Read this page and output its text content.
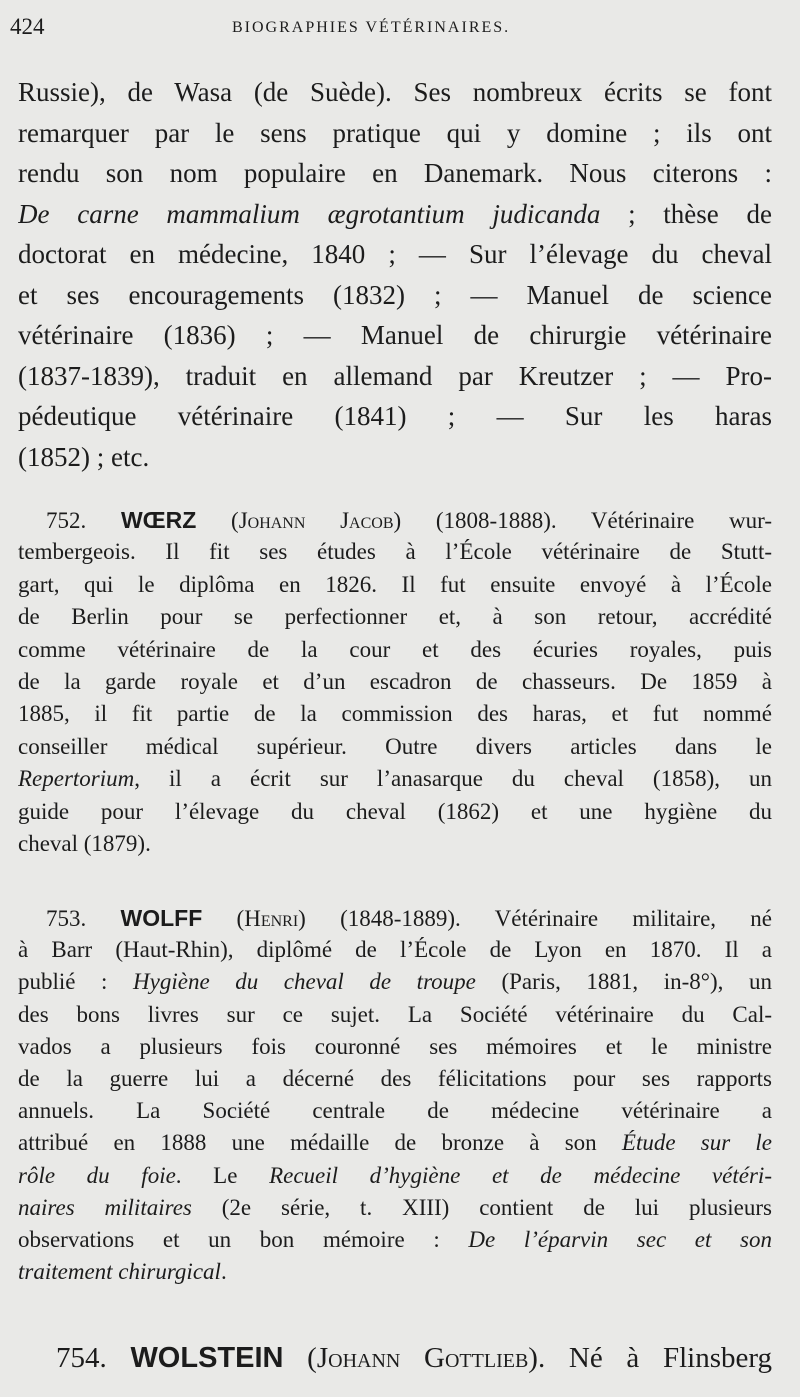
424	BIOGRAPHIES VÉTÉRINAIRES.
Russie), de Wasa (de Suède). Ses nombreux écrits se font
remarquer par le sens pratique qui y domine ; ils ont
rendu son nom populaire en Danemark. Nous citerons :
De carne mammalium ægrotantium judicanda ; thèse de
doctorat en médecine, 1840 ; — Sur l’élevage du cheval
et ses encouragements (1832) ; — Manuel de science
vétérinaire (1836) ; — Manuel de chirurgie vétérinaire
(1837-1839), traduit en allemand par Kreutzer ; — Pro-
pédeutique vétérinaire (1841) ; — Sur les haras
(1852) ; etc.
752. WŒRZ (Johann Jacob) (1808-1888). Vétérinaire wur-
tembergeois. Il fit ses études à l’École vétérinaire de Stutt-
gart, qui le diplôma en 1826. Il fut ensuite envoyé à l’École
de Berlin pour se perfectionner et, à son retour, accrédité
comme vétérinaire de la cour et des écuries royales, puis
de la garde royale et d’un escadron de chasseurs. De 1859 à
1885, il fit partie de la commission des haras, et fut nommé
conseiller médical supérieur. Outre divers articles dans le
Repertorium, il a écrit sur l’anasarque du cheval (1858), un
guide pour l’élevage du cheval (1862) et une hygiène du
cheval (1879).
753. WOLFF (Henri) (1848-1889). Vétérinaire militaire, né
à Barr (Haut-Rhin), diplômé de l’École de Lyon en 1870. Il a
publié : Hygiène du cheval de troupe (Paris, 1881, in-8°), un
des bons livres sur ce sujet. La Société vétérinaire du Cal-
vados a plusieurs fois couronné ses mémoires et le ministre
de la guerre lui a décerné des félicitations pour ses rapports
annuels. La Société centrale de médecine vétérinaire a
attribué en 1888 une médaille de bronze à son Étude sur le
rôle du foie. Le Recueil d’hygiène et de médecine vétéri-
naires militaires (2e série, t. XIII) contient de lui plusieurs
observations et un bon mémoire : De l’éparvin sec et son
traitement chirurgical.
754. WOLSTEIN (Johann Gottlieb). Né à Flinsberg
